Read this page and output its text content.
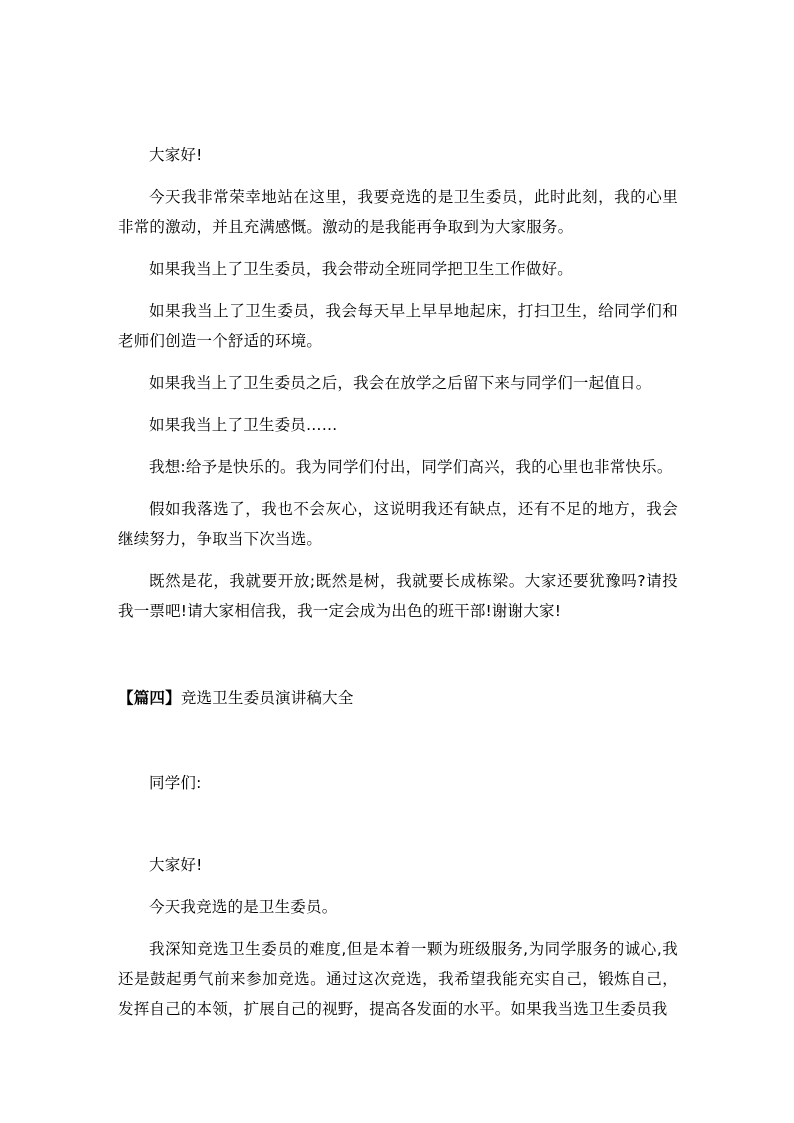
大家好!

今天我非常荣幸地站在这里，我要竞选的是卫生委员，此时此刻，我的心里非常的激动，并且充满感慨。激动的是我能再争取到为大家服务。

如果我当上了卫生委员，我会带动全班同学把卫生工作做好。

如果我当上了卫生委员，我会每天早上早早地起床，打扫卫生，给同学们和老师们创造一个舒适的环境。

如果我当上了卫生委员之后，我会在放学之后留下来与同学们一起值日。

如果我当上了卫生委员……

我想:给予是快乐的。我为同学们付出，同学们高兴，我的心里也非常快乐。

假如我落选了，我也不会灰心，这说明我还有缺点，还有不足的地方，我会继续努力，争取当下次当选。

既然是花，我就要开放;既然是树，我就要长成栋梁。大家还要犹豫吗?请投我一票吧!请大家相信我，我一定会成为出色的班干部!谢谢大家!

【篇四】竞选卫生委员演讲稿大全

同学们:

大家好!

今天我竞选的是卫生委员。

我深知竞选卫生委员的难度,但是本着一颗为班级服务,为同学服务的诚心,我还是鼓起勇气前来参加竞选。通过这次竞选，我希望我能充实自己，锻炼自己，发挥自己的本领，扩展自己的视野，提高各发面的水平。如果我当选卫生委员我
